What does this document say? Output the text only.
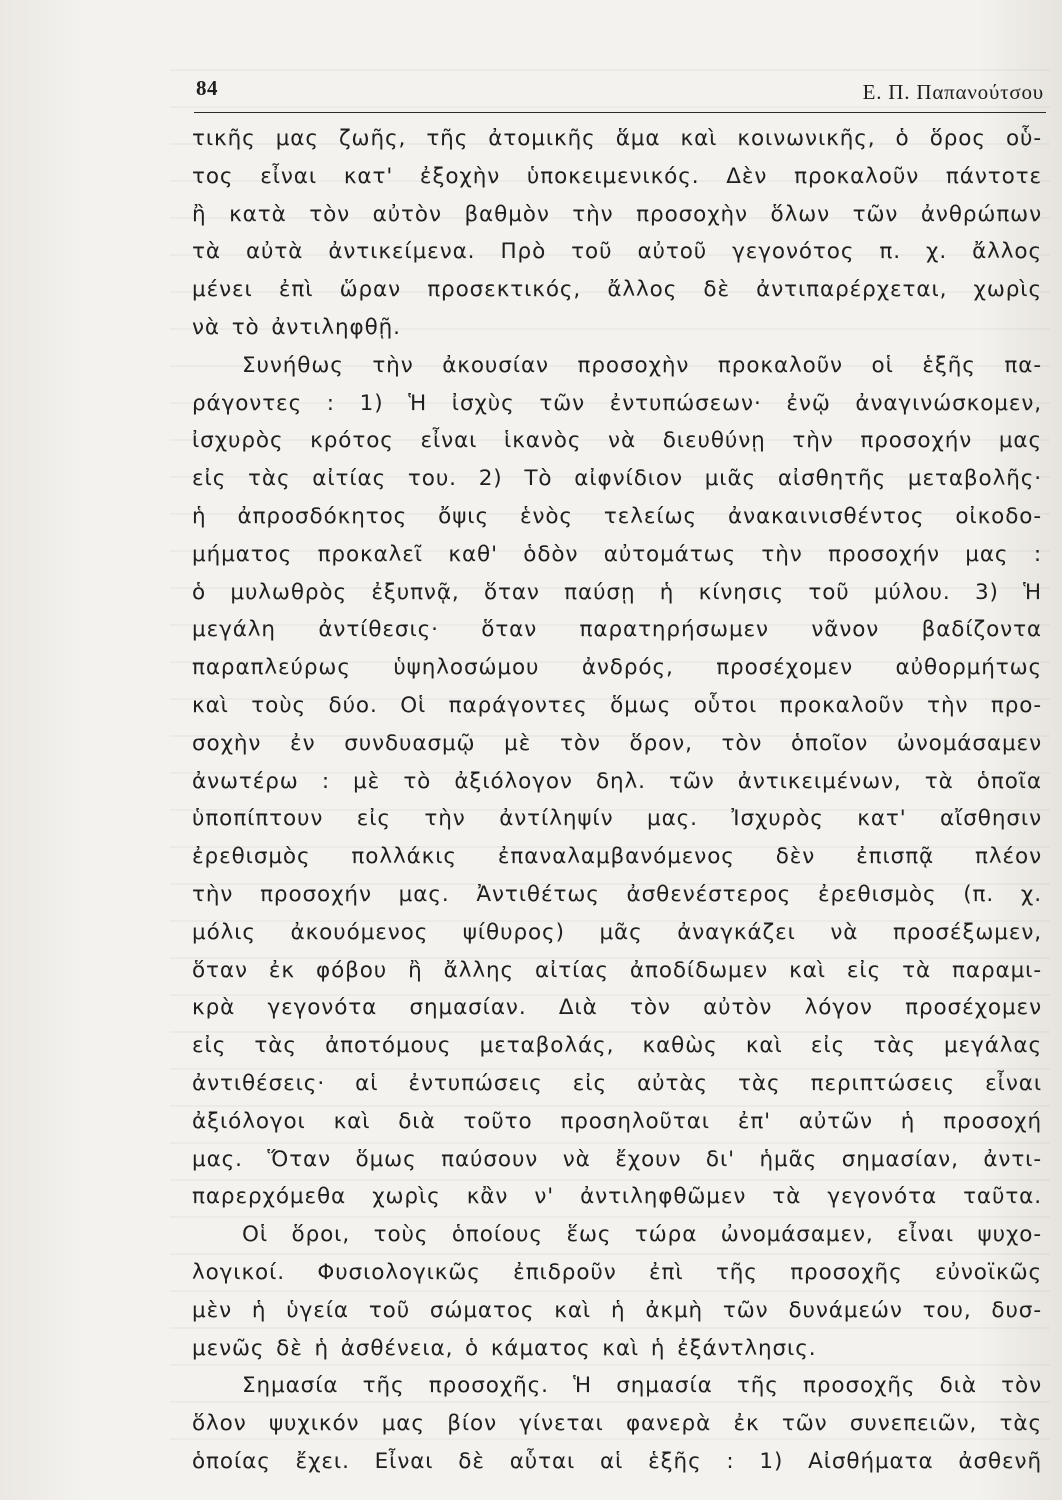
84	Ε. Π. Παπανούτσου
τικῆς μας ζωῆς, τῆς ἀτομικῆς ἅμα καὶ κοινωνικῆς, ὁ ὅρος οὗ-
τος εἶναι κατ' ἐξοχὴν ὑποκειμενικός. Δὲν προκαλοῦν πάντοτε
ἢ κατὰ τὸν αὐτὸν βαθμὸν τὴν προσοχὴν ὅλων τῶν ἀνθρώπων
τὰ αὐτὰ ἀντικείμενα. Πρὸ τοῦ αὐτοῦ γεγονότος π. χ. ἄλλος
μένει ἐπὶ ὥραν προσεκτικός, ἄλλος δὲ ἀντιπαρέρχεται, χωρὶς
νὰ τὸ ἀντιληφθῇ.
Συνήθως τὴν ἀκουσίαν προσοχὴν προκαλοῦν οἱ ἑξῆς πα-
ράγοντες : 1) Ἡ ἰσχὺς τῶν ἐντυπώσεων· ἐνῷ ἀναγινώσκομεν,
ἰσχυρὸς κρότος εἶναι ἱκανὸς νὰ διευθύνῃ τὴν προσοχήν μας
εἰς τὰς αἰτίας του. 2) Τὸ αἰφνίδιον μιᾶς αἰσθητῆς μεταβολῆς·
ἡ ἀπροσδόκητος ὄψις ἑνὸς τελείως ἀνακαινισθέντος οἰκοδο-
μήματος προκαλεῖ καθ' ὁδὸν αὐτομάτως τὴν προσοχήν μας :
ὁ μυλωθρὸς ἐξυπνᾷ, ὅταν παύσῃ ἡ κίνησις τοῦ μύλου. 3) Ἡ
μεγάλη ἀντίθεσις· ὅταν παρατηρήσωμεν νᾶνον βαδίζοντα
παραπλεύρως ὑψηλοσώμου ἀνδρός, προσέχομεν αὐθορμήτως
καὶ τοὺς δύο. Οἱ παράγοντες ὅμως οὗτοι προκαλοῦν τὴν προ-
σοχὴν ἐν συνδυασμῷ μὲ τὸν ὅρον, τὸν ὁποῖον ὠνομάσαμεν
ἀνωτέρω : μὲ τὸ ἀξιόλογον δηλ. τῶν ἀντικειμένων, τὰ ὁποῖα
ὑποπίπτουν εἰς τὴν ἀντίληψίν μας. Ἰσχυρὸς κατ' αἴσθησιν
ἐρεθισμὸς πολλάκις ἐπαναλαμβανόμενος δὲν ἐπισπᾷ πλέον
τὴν προσοχήν μας. Ἀντιθέτως ἀσθενέστερος ἐρεθισμὸς (π. χ.
μόλις ἀκουόμενος ψίθυρος) μᾶς ἀναγκάζει νὰ προσέξωμεν,
ὅταν ἐκ φόβου ἢ ἄλλης αἰτίας ἀποδίδωμεν καὶ εἰς τὰ παραμι-
κρὰ γεγονότα σημασίαν. Διὰ τὸν αὐτὸν λόγον προσέχομεν
εἰς τὰς ἀποτόμους μεταβολάς, καθὼς καὶ εἰς τὰς μεγάλας
ἀντιθέσεις· αἱ ἐντυπώσεις εἰς αὐτὰς τὰς περιπτώσεις εἶναι
ἀξιόλογοι καὶ διὰ τοῦτο προσηλοῦται ἐπ' αὐτῶν ἡ προσοχή
μας. Ὅταν ὅμως παύσουν νὰ ἔχουν δι' ἡμᾶς σημασίαν, ἀντι-
παρερχόμεθα χωρὶς κἂν ν' ἀντιληφθῶμεν τὰ γεγονότα ταῦτα.
Οἱ ὅροι, τοὺς ὁποίους ἕως τώρα ὠνομάσαμεν, εἶναι ψυχο-
λογικοί. Φυσιολογικῶς ἐπιδροῦν ἐπὶ τῆς προσοχῆς εὐνοϊκῶς
μὲν ἡ ὑγεία τοῦ σώματος καὶ ἡ ἀκμὴ τῶν δυνάμεών του, δυσ-
μενῶς δὲ ἡ ἀσθένεια, ὁ κάματος καὶ ἡ ἐξάντλησις.
Σημασία τῆς προσοχῆς. Ἡ σημασία τῆς προσοχῆς διὰ τὸν
ὅλον ψυχικόν μας βίον γίνεται φανερὰ ἐκ τῶν συνεπειῶν, τὰς
ὁποίας ἔχει. Εἶναι δὲ αὗται αἱ ἑξῆς : 1) Αἰσθήματα ἀσθενῆ
